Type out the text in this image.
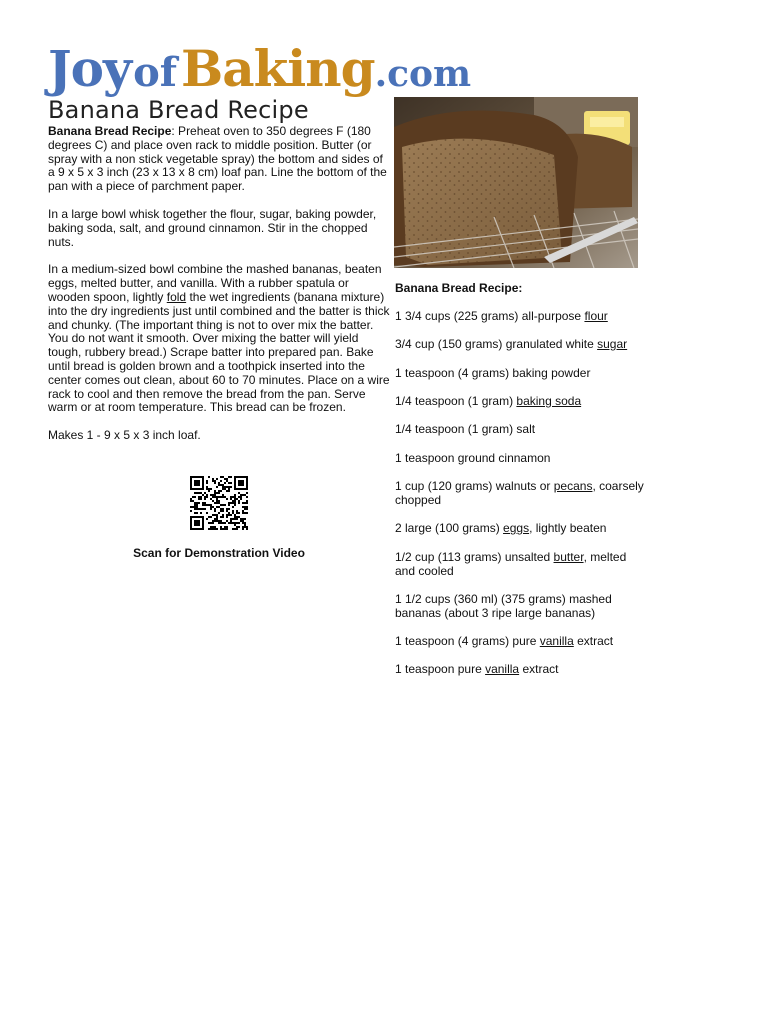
JoyofBaking.com
Banana Bread Recipe

Banana Bread Recipe: Preheat oven to 350 degrees F (180 degrees C) and place oven rack to middle position. Butter (or spray with a non stick vegetable spray) the bottom and sides of a 9 x 5 x 3 inch (23 x 13 x 8 cm) loaf pan. Line the bottom of the pan with a piece of parchment paper.

In a large bowl whisk together the flour, sugar, baking powder, baking soda, salt, and ground cinnamon. Stir in the chopped nuts.

In a medium-sized bowl combine the mashed bananas, beaten eggs, melted butter, and vanilla. With a rubber spatula or wooden spoon, lightly fold the wet ingredients (banana mixture) into the dry ingredients just until combined and the batter is thick and chunky. (The important thing is not to over mix the batter. You do not want it smooth. Over mixing the batter will yield tough, rubbery bread.) Scrape batter into prepared pan. Bake until bread is golden brown and a toothpick inserted into the center comes out clean, about 60 to 70 minutes. Place on a wire rack to cool and then remove the bread from the pan. Serve warm or at room temperature. This bread can be frozen.

Makes 1 - 9 x 5 x 3 inch loaf.

Scan for Demonstration Video
Banana Bread Recipe:
1 3/4 cups (225 grams) all-purpose flour
3/4 cup (150 grams) granulated white sugar
1 teaspoon (4 grams) baking powder
1/4 teaspoon (1 gram) baking soda
1/4 teaspoon (1 gram) salt
1 teaspoon ground cinnamon
1 cup (120 grams) walnuts or pecans, coarsely chopped
2 large (100 grams) eggs, lightly beaten
1/2 cup (113 grams) unsalted butter, melted and cooled
1 1/2 cups (360 ml) (375 grams) mashed bananas (about 3 ripe large bananas)
1 teaspoon (4 grams) pure vanilla extract
1 teaspoon pure vanilla extract
